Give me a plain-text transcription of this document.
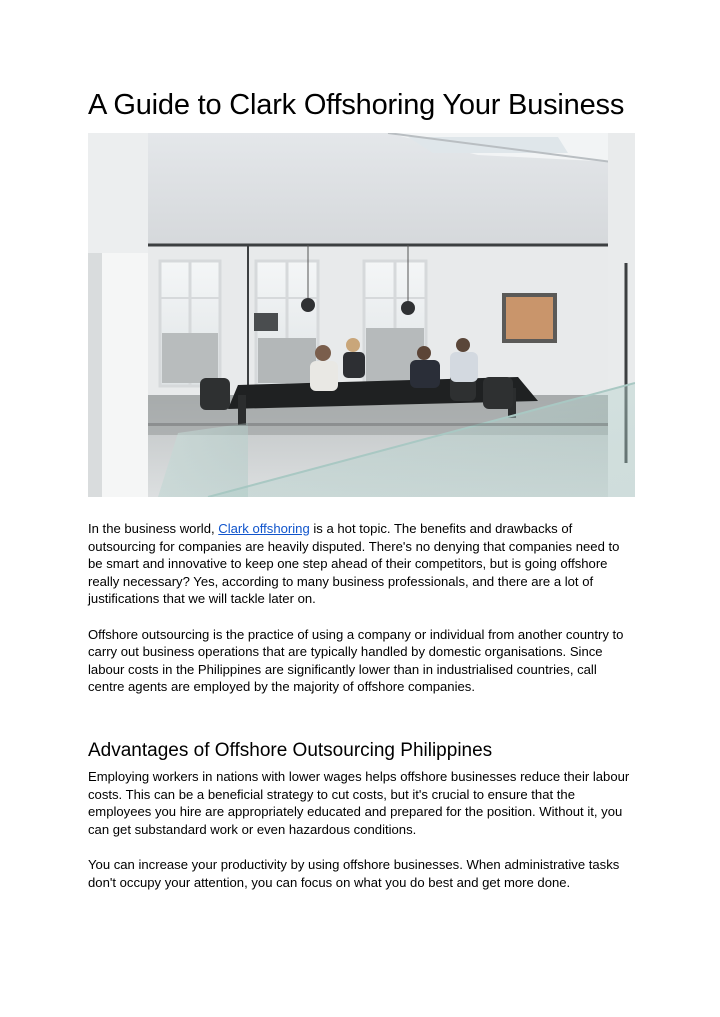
A Guide to Clark Offshoring Your Business

In the business world, Clark offshoring is a hot topic. The benefits and drawbacks of outsourcing for companies are heavily disputed. There's no denying that companies need to be smart and innovative to keep one step ahead of their competitors, but is going offshore really necessary? Yes, according to many business professionals, and there are a lot of justifications that we will tackle later on.

Offshore outsourcing is the practice of using a company or individual from another country to carry out business operations that are typically handled by domestic organisations. Since labour costs in the Philippines are significantly lower than in industrialised countries, call centre agents are employed by the majority of offshore companies.

Advantages of Offshore Outsourcing Philippines

Employing workers in nations with lower wages helps offshore businesses reduce their labour costs. This can be a beneficial strategy to cut costs, but it's crucial to ensure that the employees you hire are appropriately educated and prepared for the position. Without it, you can get substandard work or even hazardous conditions.

You can increase your productivity by using offshore businesses. When administrative tasks don't occupy your attention, you can focus on what you do best and get more done.
